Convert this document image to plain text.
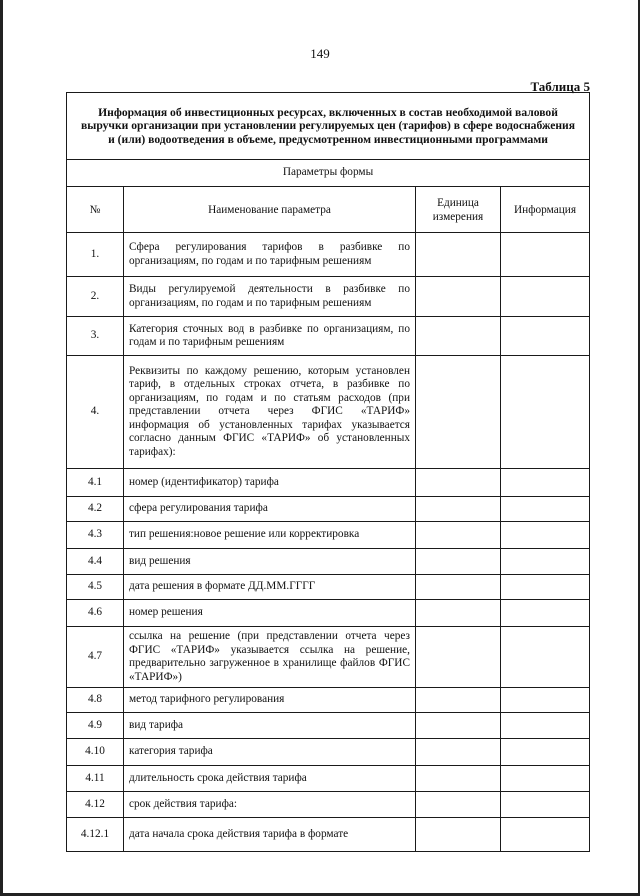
149
Таблица 5
Информация об инвестиционных ресурсах, включенных в состав необходимой валовой выручки организации при установлении регулируемых цен (тарифов) в сфере водоснабжения и (или) водоотведения в объеме, предусмотренном инвестиционными программами			
Параметры формы			
№	Наименование параметра	Единица измерения	Информация
1.	Сфера регулирования тарифов в разбивке по организациям, по годам и по тарифным решениям		
2.	Виды регулируемой деятельности в разбивке по организациям, по годам и по тарифным решениям		
3.	Категория сточных вод в разбивке по организациям, по годам и по тарифным решениям		
4.	Реквизиты по каждому решению, которым установлен тариф, в отдельных строках отчета, в разбивке по организациям, по годам и по статьям расходов (при представлении отчета через ФГИС «ТАРИФ» информация об установленных тарифах указывается согласно данным ФГИС «ТАРИФ» об установленных тарифах):		
4.1	номер (идентификатор) тарифа		
4.2	сфера регулирования тарифа		
4.3	тип решения:новое решение или корректировка		
4.4	вид решения		
4.5	дата решения в формате ДД.ММ.ГГГГ		
4.6	номер решения		
4.7	ссылка на решение (при представлении отчета через ФГИС «ТАРИФ» указывается ссылка на решение, предварительно загруженное в хранилище файлов ФГИС «ТАРИФ»)		
4.8	метод тарифного регулирования		
4.9	вид тарифа		
4.10	категория тарифа		
4.11	длительность срока действия тарифа		
4.12	срок действия тарифа:		
4.12.1	дата начала срока действия тарифа в формате		
